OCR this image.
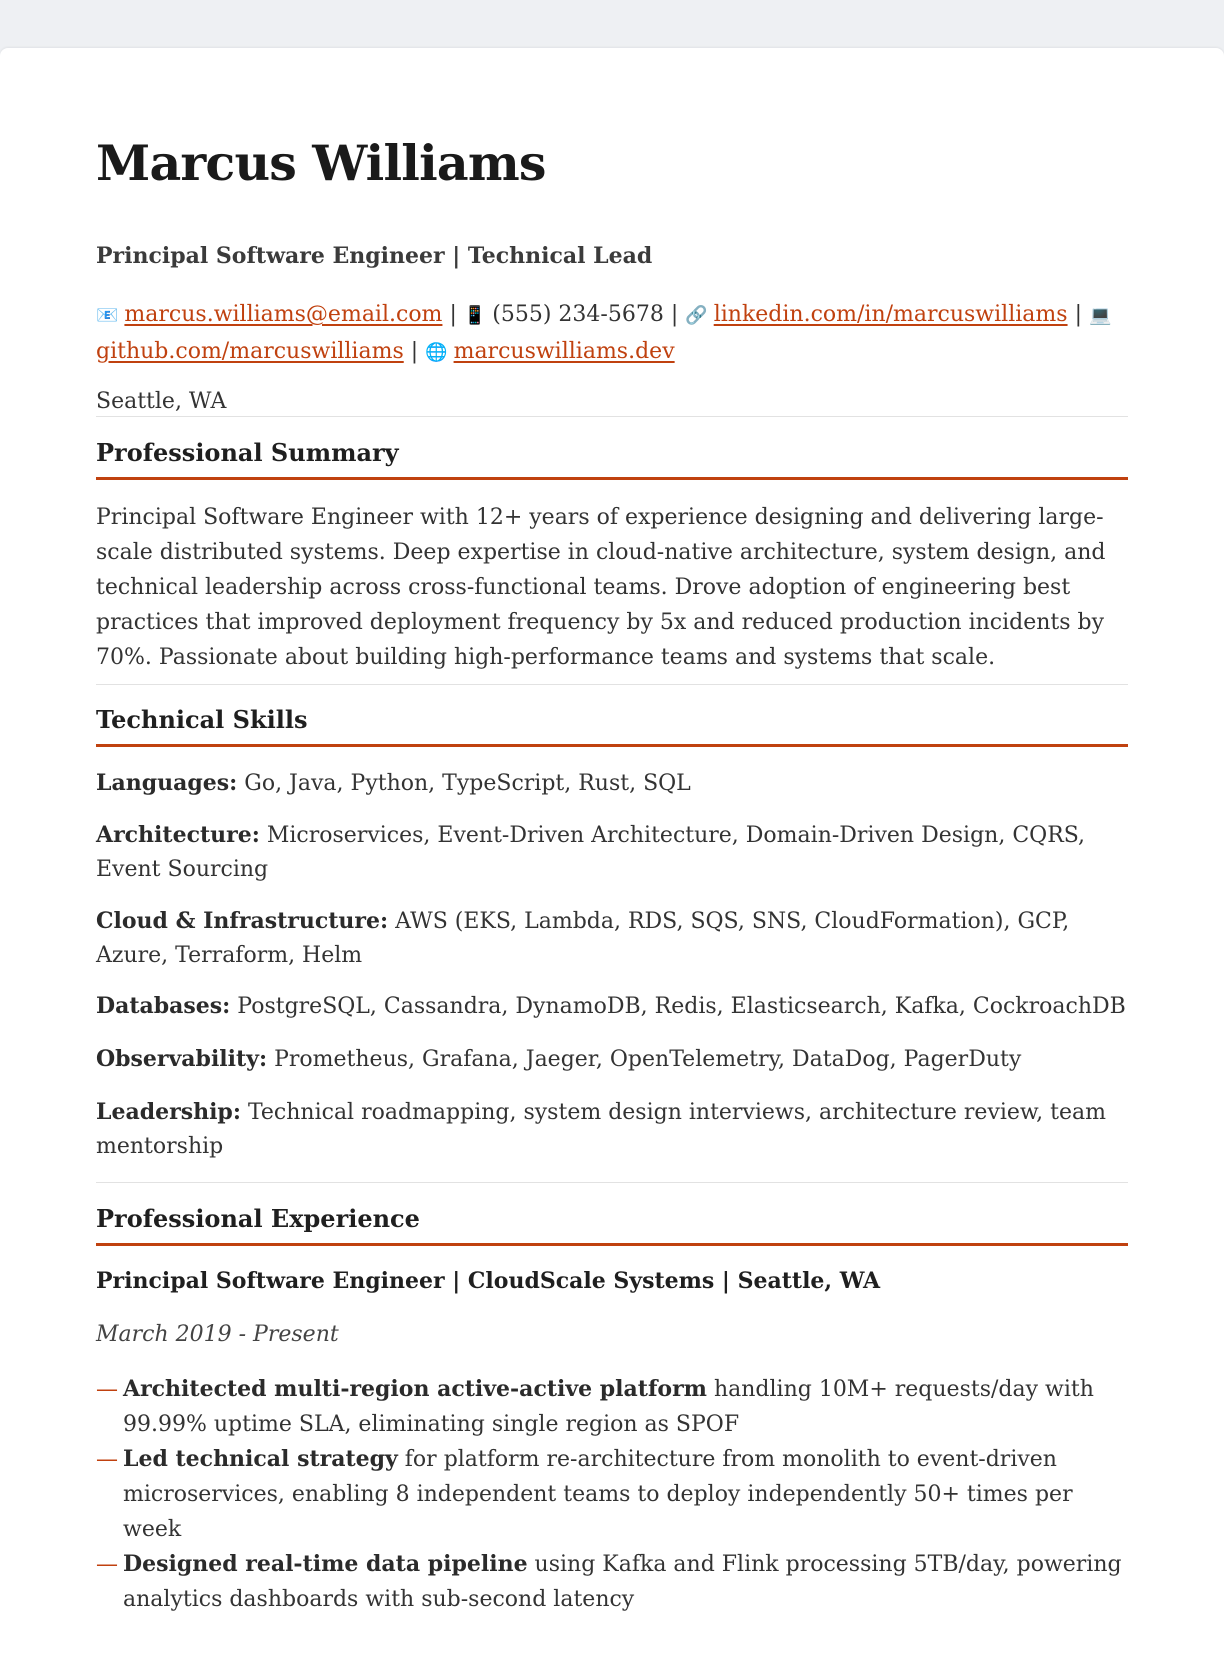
Marcus Williams
Principal Software Engineer | Technical Lead
📧 marcus.williams@email.com | 📱 (555) 234-5678 | 🔗 linkedin.com/in/marcuswilliams | 💻
github.com/marcuswilliams | 🌐 marcuswilliams.dev
Seattle, WA
Professional Summary

Principal Software Engineer with 12+ years of experience designing and delivering large-scale distributed systems. Deep expertise in cloud-native architecture, system design, and technical leadership across cross-functional teams. Drove adoption of engineering best practices that improved deployment frequency by 5x and reduced production incidents by 70%. Passionate about building high-performance teams and systems that scale.

Technical Skills

Languages: Go, Java, Python, TypeScript, Rust, SQL

Architecture: Microservices, Event-Driven Architecture, Domain-Driven Design, CQRS, Event Sourcing

Cloud & Infrastructure: AWS (EKS, Lambda, RDS, SQS, SNS, CloudFormation), GCP, Azure, Terraform, Helm

Databases: PostgreSQL, Cassandra, DynamoDB, Redis, Elasticsearch, Kafka, CockroachDB

Observability: Prometheus, Grafana, Jaeger, OpenTelemetry, DataDog, PagerDuty

Leadership: Technical roadmapping, system design interviews, architecture review, team mentorship

Professional Experience
Principal Software Engineer | CloudScale Systems | Seattle, WA
March 2019 - Present
— Architected multi-region active-active platform handling 10M+ requests/day with 99.99% uptime SLA, eliminating single region as SPOF
— Led technical strategy for platform re-architecture from monolith to event-driven microservices, enabling 8 independent teams to deploy independently 50+ times per week
— Designed real-time data pipeline using Kafka and Flink processing 5TB/day, powering analytics dashboards with sub-second latency
